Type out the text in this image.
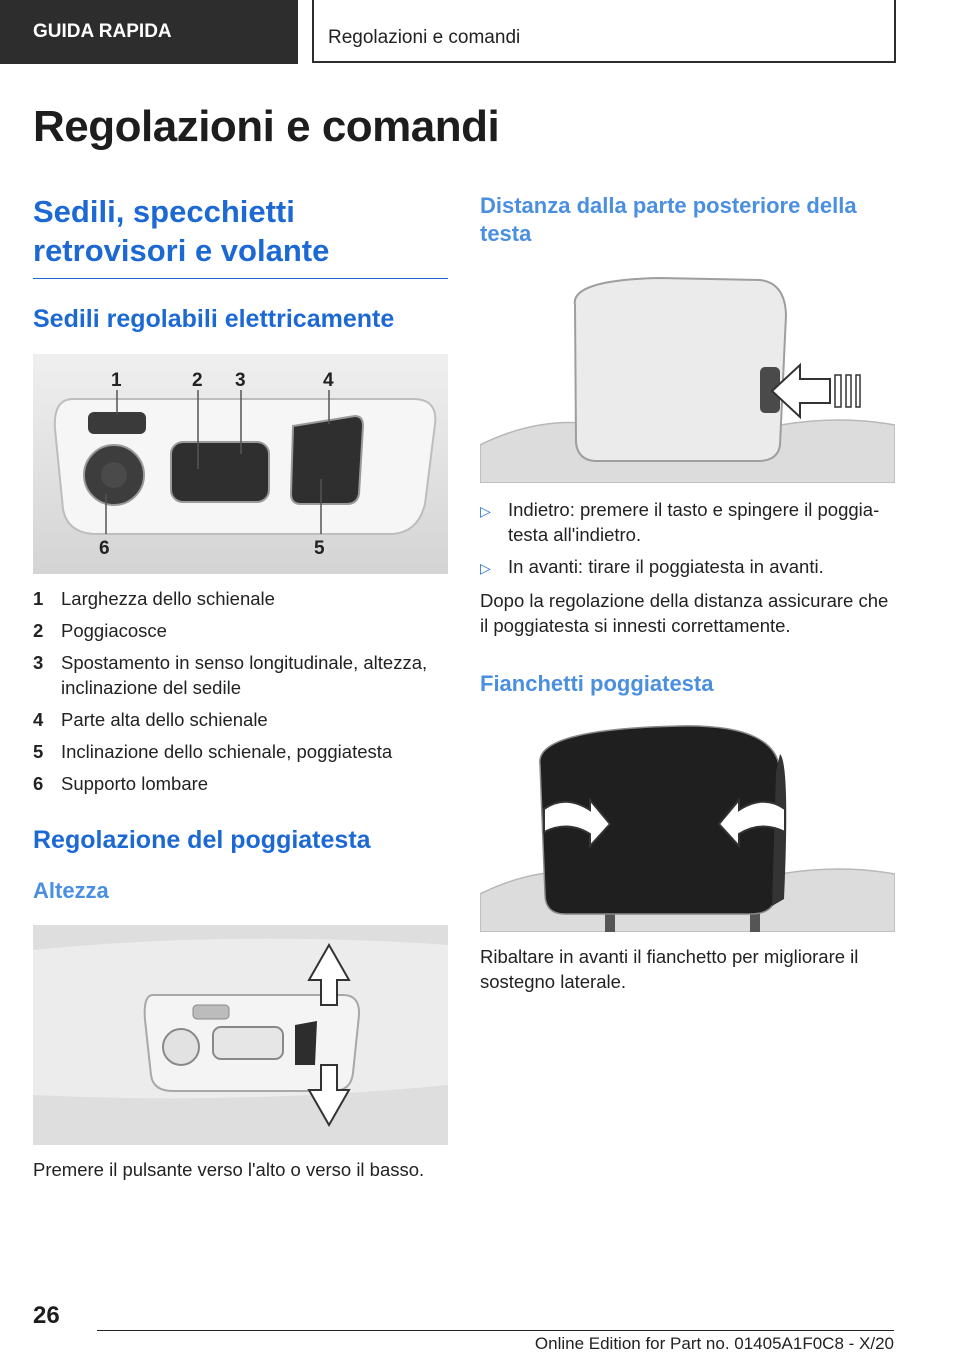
GUIDA RAPIDA	Regolazioni e comandi
Regolazioni e comandi
Sedili, specchietti retrovisori e volante
Sedili regolabili elettricamente
1	2 3	4
5
6
1 Larghezza dello schienale
2 Poggiacosce
3 Spostamento in senso longitudinale, altezza, inclinazione del sedile
4 Parte alta dello schienale
5 Inclinazione dello schienale, poggiatesta
6 Supporto lombare
Regolazione del poggiatesta
Altezza

Premere il pulsante verso l'alto o verso il basso.

Distanza dalla parte posteriore della testa
▷ Indietro: premere il tasto e spingere il poggia‐testa all'indietro.
▷ In avanti: tirare il poggiatesta in avanti.

Dopo la regolazione della distanza assicurare che il poggiatesta si innesti correttamente.

Fianchetti poggiatesta

Ribaltare in avanti il fianchetto per migliorare il sostegno laterale.

26
Online Edition for Part no. 01405A1F0C8 - X/20
